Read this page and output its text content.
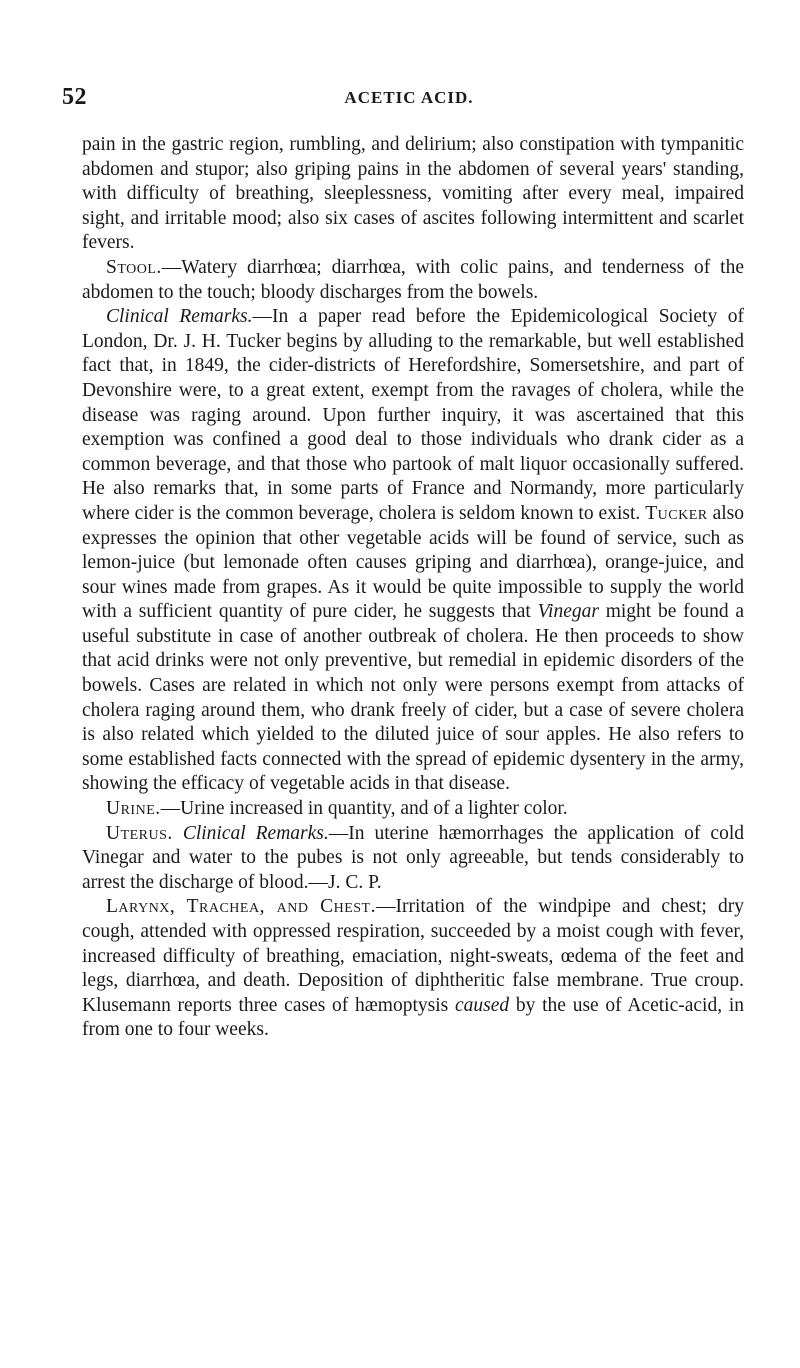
52	ACETIC ACID.

pain in the gastric region, rumbling, and delirium; also constipation with tympanitic abdomen and stupor; also griping pains in the abdomen of several years' standing, with difficulty of breathing, sleeplessness, vomiting after every meal, impaired sight, and irritable mood; also six cases of ascites following intermittent and scarlet fevers.

Stool.—Watery diarrhœa; diarrhœa, with colic pains, and tenderness of the abdomen to the touch; bloody discharges from the bowels.

Clinical Remarks.—In a paper read before the Epidemicological Society of London, Dr. J. H. Tucker begins by alluding to the remarkable, but well established fact that, in 1849, the cider-districts of Herefordshire, Somersetshire, and part of Devonshire were, to a great extent, exempt from the ravages of cholera, while the disease was raging around. Upon further inquiry, it was ascertained that this exemption was confined a good deal to those individuals who drank cider as a common beverage, and that those who partook of malt liquor occasionally suffered. He also remarks that, in some parts of France and Normandy, more particularly where cider is the common beverage, cholera is seldom known to exist. Tucker also expresses the opinion that other vegetable acids will be found of service, such as lemon-juice (but lemonade often causes griping and diarrhœa), orange-juice, and sour wines made from grapes. As it would be quite impossible to supply the world with a sufficient quantity of pure cider, he suggests that Vinegar might be found a useful substitute in case of another outbreak of cholera. He then proceeds to show that acid drinks were not only preventive, but remedial in epidemic disorders of the bowels. Cases are related in which not only were persons exempt from attacks of cholera raging around them, who drank freely of cider, but a case of severe cholera is also related which yielded to the diluted juice of sour apples. He also refers to some established facts connected with the spread of epidemic dysentery in the army, showing the efficacy of vegetable acids in that disease.

Urine.—Urine increased in quantity, and of a lighter color.

Uterus. Clinical Remarks.—In uterine hæmorrhages the application of cold Vinegar and water to the pubes is not only agreeable, but tends considerably to arrest the discharge of blood.—J. C. P.

Larynx, Trachea, and Chest.—Irritation of the windpipe and chest; dry cough, attended with oppressed respiration, succeeded by a moist cough with fever, increased difficulty of breathing, emaciation, night-sweats, œdema of the feet and legs, diarrhœa, and death. Deposition of diphtheritic false membrane. True croup. Klusemann reports three cases of hæmoptysis caused by the use of Acetic-acid, in from one to four weeks.
